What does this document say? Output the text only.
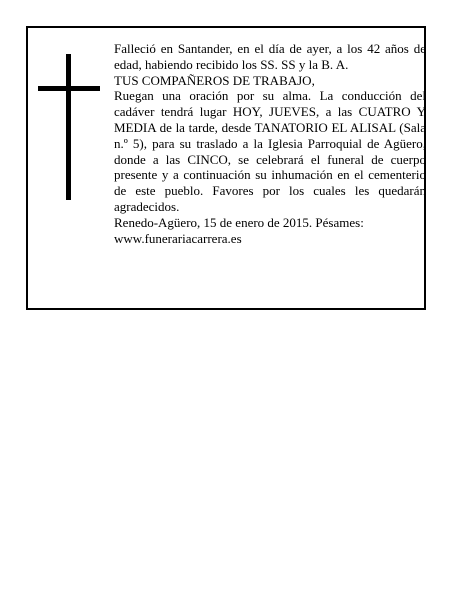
Falleció en Santander, en el día de ayer, a los 42 años de edad, habiendo recibido los SS. SS y la B. A.

TUS COMPAÑEROS DE TRABAJO,

Ruegan una oración por su alma. La conducción del cadáver tendrá lugar HOY, JUEVES, a las CUATRO Y MEDIA de la tarde, desde TANATORIO EL ALISAL (Sala n.º 5), para su traslado a la Iglesia Parroquial de Agüero, donde a las CINCO, se celebrará el funeral de cuerpo presente y a continuación su inhumación en el cementerio de este pueblo. Favores por los cuales les quedarán agradecidos.

Renedo-Agüero, 15 de enero de 2015. Pésames:

www.funerariacarrera.es
